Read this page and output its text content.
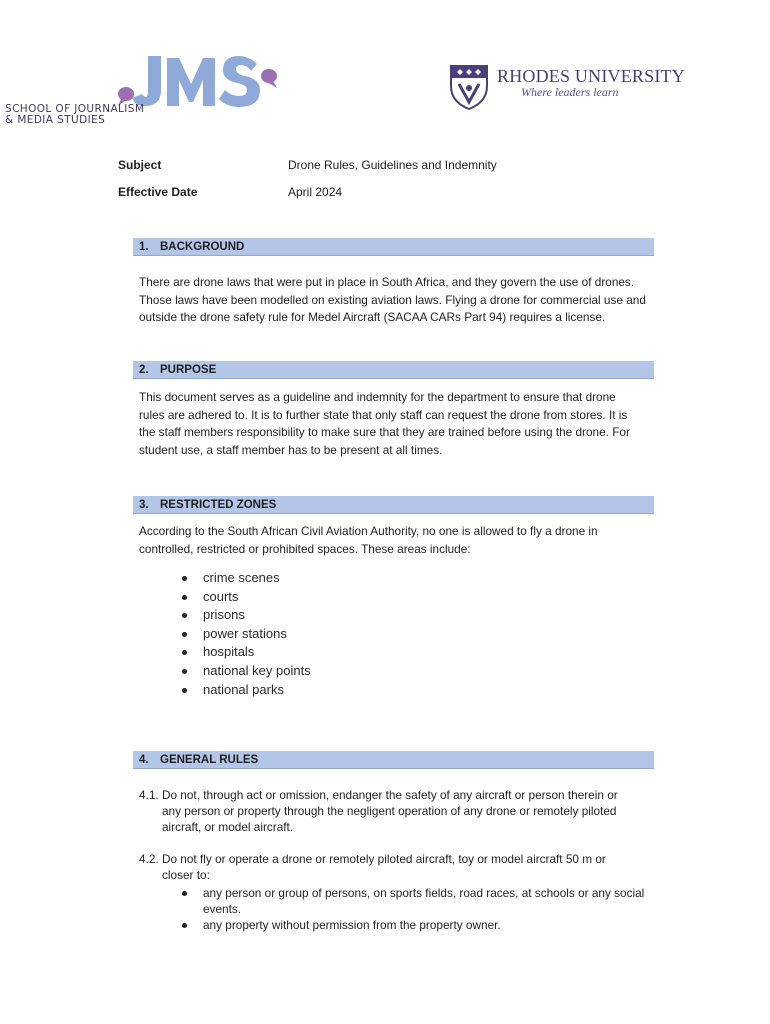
SCHOOL OF JOURNALISM
& MEDIA STUDIES
RHODES UNIVERSITY
Where leaders learn
Subject	Drone Rules, Guidelines and Indemnity
Effective Date	April 2024
1. BACKGROUND
There are drone laws that were put in place in South Africa, and they govern the use of drones.
Those laws have been modelled on existing aviation laws. Flying a drone for commercial use and
outside the drone safety rule for Medel Aircraft (SACAA CARs Part 94) requires a license.
2. PURPOSE
This document serves as a guideline and indemnity for the department to ensure that drone
rules are adhered to. It is to further state that only staff can request the drone from stores. It is
the staff members responsibility to make sure that they are trained before using the drone. For
student use, a staff member has to be present at all times.
3. RESTRICTED ZONES
According to the South African Civil Aviation Authority, no one is allowed to fly a drone in
controlled, restricted or prohibited spaces. These areas include:
crime scenes
courts
prisons
power stations
hospitals
national key points
national parks
4. GENERAL RULES
4.1. Do not, through act or omission, endanger the safety of any aircraft or person therein or
any person or property through the negligent operation of any drone or remotely piloted
aircraft, or model aircraft.
4.2. Do not fly or operate a drone or remotely piloted aircraft, toy or model aircraft 50 m or
closer to:
any person or group of persons, on sports fields, road races, at schools or any social events.
any property without permission from the property owner.
